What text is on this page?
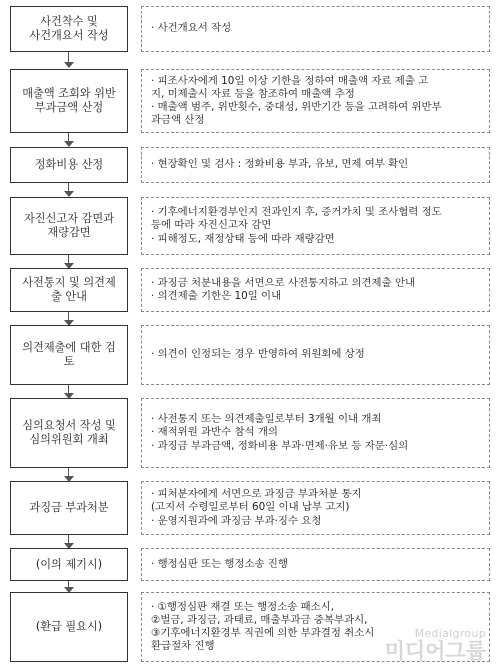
사건착수 및
사건개요서 작성
· 사건개요서 작성
매출액 조회와 위반
부과금액 산정
· 피조사자에게 10일 이상 기한을 정하여 매출액 자료 제출 고
지, 미제출시 자료 등을 참조하여 매출액 추정
· 매출액 범주, 위반횟수, 중대성, 위반기간 등을 고려하여 위반부
과금액 산정
정화비용 산정	· 현장확인 및 검사 : 정화비용 부과, 유보, 면제 여부 확인
자진신고자 감면과
재량감면
· 기후에너지환경부인지 전과인지 후, 증거가치 및 조사협력 정도
등에 따라 자진신고자 감면
· 피해정도, 재정상태 등에 따라 재량감면
사전통지 및 의견제
출 안내
· 과징금 처분내용을 서면으로 사전통지하고 의견제출 안내
· 의견제출 기한은 10일 이내
의견제출에 대한 검
토
· 의견이 인정되는 경우 반영하여 위원회에 상정
심의요청서 작성 및
심의위원회 개최
· 사전통지 또는 의견제출일로부터 3개월 이내 개최
· 재적위원 과반수 참석 개의
· 과징금 부과금액, 정화비용 부과·면제·유보 등 자문·심의
과징금 부과처분
· 피처분자에게 서면으로 과징금 부과처분 통지
(고지서 수령일로부터 60일 이내 납부 고지)
· 운영지원과에 과징금 부과·징수 요청
(이의 제기시)	· 행정심판 또는 행정소송 진행
(환급 필요시)
· ①행정심판 재결 또는 행정소송 패소시,
②벌금, 과징금, 과태료, 매출부과금 중복부과시,
③기후에너지환경부 직권에 의한 부과결정 취소시
환급절차 진행
Medialgroup
미디어그룹
